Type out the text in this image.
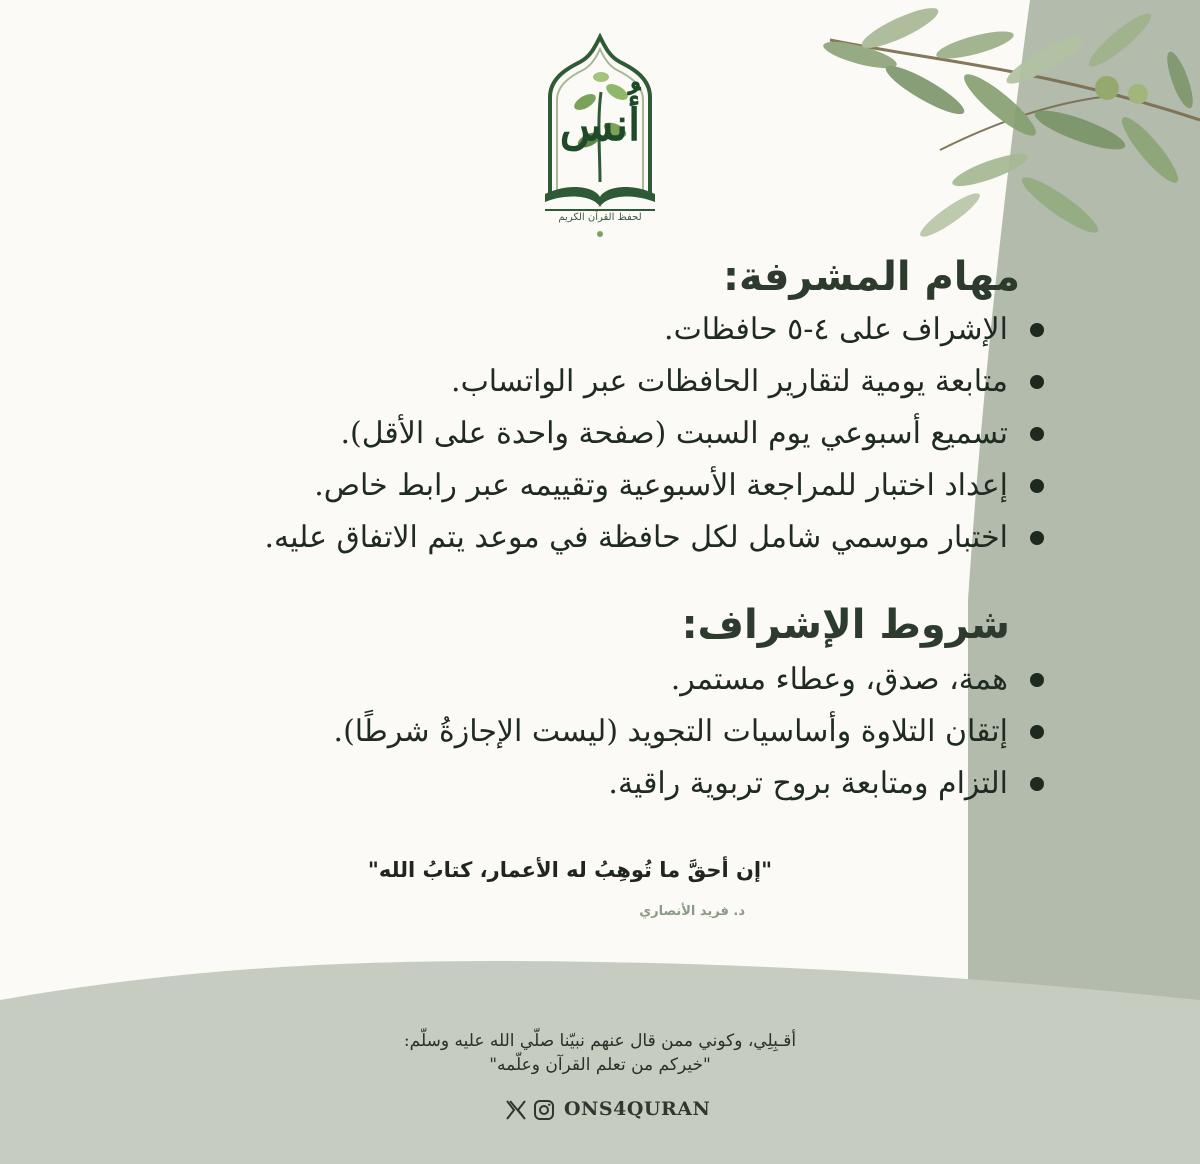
أُنس
لحفظ القرآن الكريم
مهام المشرفة:
الإشراف على ٤-٥ حافظات.
متابعة يومية لتقارير الحافظات عبر الواتساب.
تسميع أسبوعي يوم السبت (صفحة واحدة على الأقل).
إعداد اختبار للمراجعة الأسبوعية وتقييمه عبر رابط خاص.
اختبار موسمي شامل لكل حافظة في موعد يتم الاتفاق عليه.
شروط الإشراف:
همة، صدق، وعطاء مستمر.
إتقان التلاوة وأساسيات التجويد (ليست الإجازةُ شرطًا).
التزام ومتابعة بروح تربوية راقية.
"إن أحقَّ ما تُوهِبُ له الأعمار، كتابُ الله"
د. فريد الأنصاري
أقـبِلِي، وكوني ممن قال عنهم نبيّنا صلّي الله عليه وسلّم:
"خيركم من تعلم القرآن وعلّمه"
ONS4QURAN
